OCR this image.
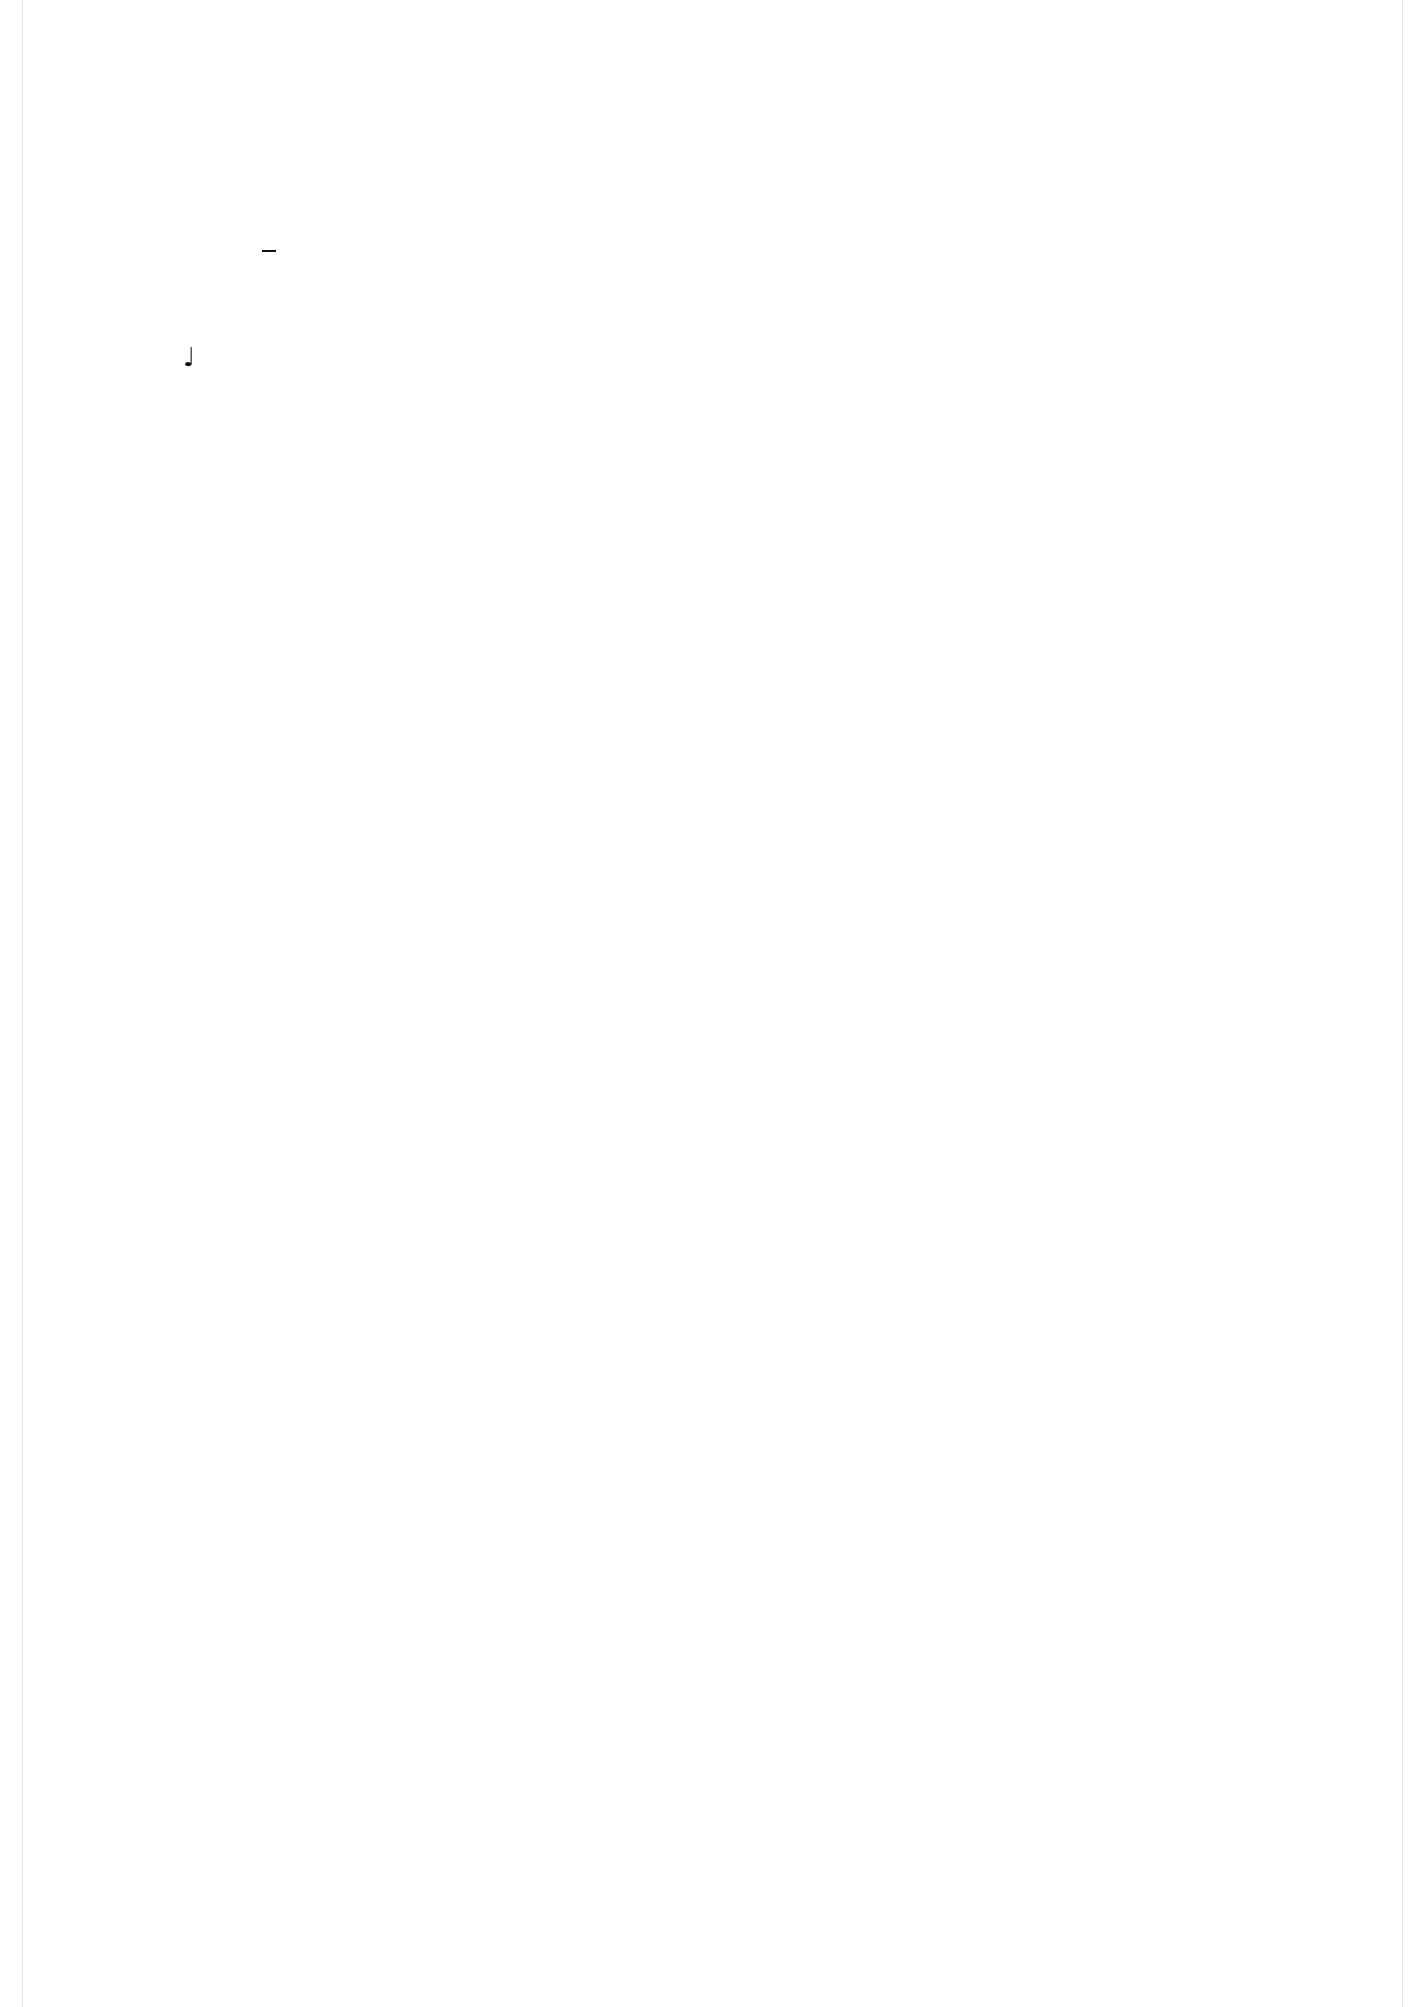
♩
